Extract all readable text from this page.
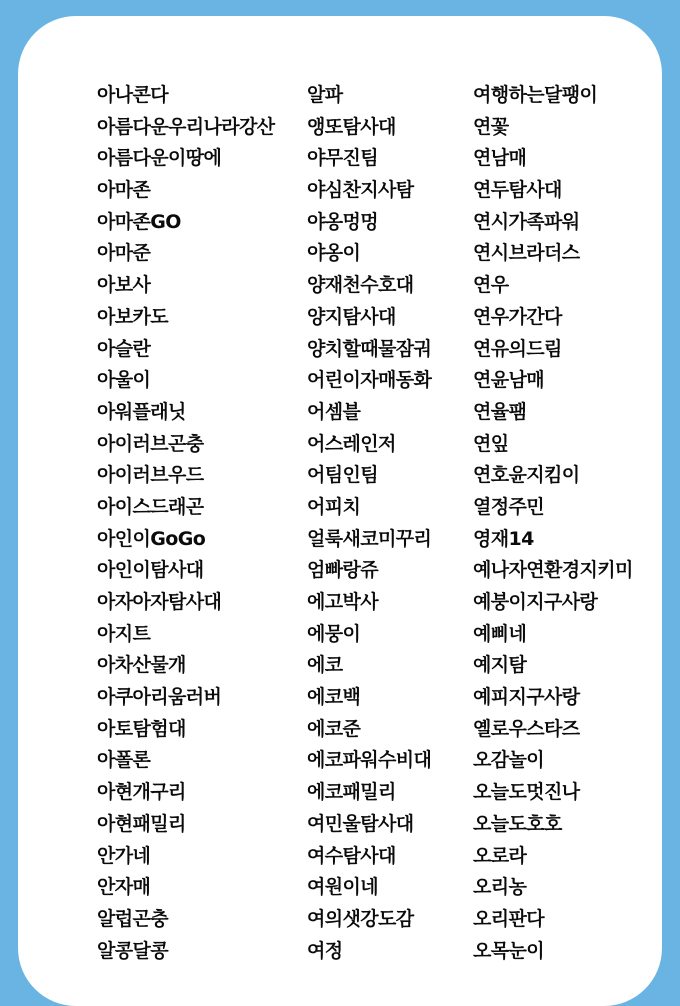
아나콘다
아름다운우리나라강산
아름다운이땅에
아마존
아마존GO
아마준
아보사
아보카도
아슬란
아울이
아워플래닛
아이러브곤충
아이러브우드
아이스드래곤
아인이GoGo
아인이탐사대
아자아자탐사대
아지트
아차산물개
아쿠아리움러버
아토탐험대
아폴론
아현개구리
아현패밀리
안가네
안자매
알럽곤충
알콩달콩
알파
앵또탐사대
야무진팀
야심찬지사탐
야옹멍멍
야옹이
양재천수호대
양지탐사대
양치할때물잠궈
어린이자매동화
어셈블
어스레인저
어팀인팀
어피치
얼룩새코미꾸리
엄빠랑쥬
에고박사
에뭉이
에코
에코백
에코준
에코파워수비대
에코패밀리
여민울탐사대
여수탐사대
여원이네
여의샛강도감
여정
여행하는달팽이
연꽃
연남매
연두탐사대
연시가족파워
연시브라더스
연우
연우가간다
연유의드림
연윤남매
연율팸
연잎
연호윤지킴이
열정주민
영재14
예나자연환경지키미
예붕이지구사랑
예삐네
예지탐
예피지구사랑
옐로우스타즈
오감놀이
오늘도멋진나
오늘도호호
오로라
오리농
오리판다
오목눈이
